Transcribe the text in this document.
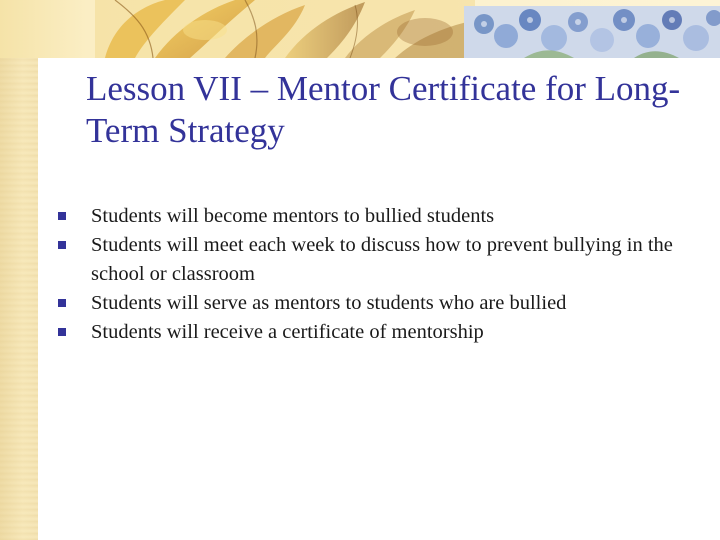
Lesson VII – Mentor Certificate for Long-Term Strategy
Students will become mentors to bullied students
Students will meet each week to discuss how to prevent bullying in the school or classroom
Students will serve as mentors to students who are bullied
Students will receive a certificate of mentorship
